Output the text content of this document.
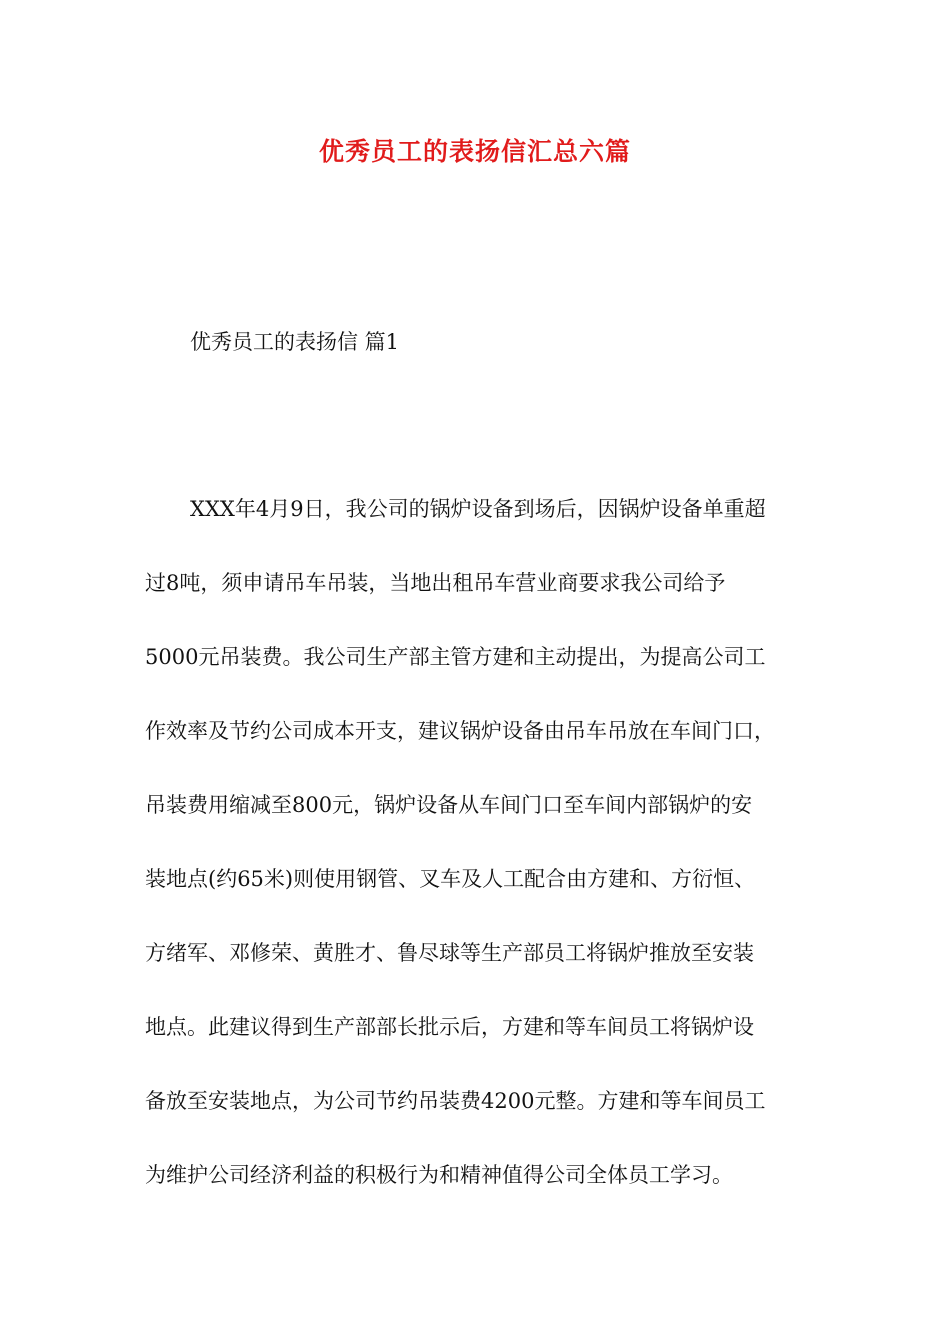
优秀员工的表扬信汇总六篇

优秀员工的表扬信 篇1

XXX年4月9日，我公司的锅炉设备到场后，因锅炉设备单重超
过8吨，须申请吊车吊装，当地出租吊车营业商要求我公司给予
5000元吊装费。我公司生产部主管方建和主动提出，为提高公司工
作效率及节约公司成本开支，建议锅炉设备由吊车吊放在车间门口，
吊装费用缩减至800元，锅炉设备从车间门口至车间内部锅炉的安
装地点(约65米)则使用钢管、叉车及人工配合由方建和、方衍恒、
方绪军、邓修荣、黄胜才、鲁尽球等生产部员工将锅炉推放至安装
地点。此建议得到生产部部长批示后，方建和等车间员工将锅炉设
备放至安装地点，为公司节约吊装费4200元整。方建和等车间员工
为维护公司经济利益的积极行为和精神值得公司全体员工学习。
